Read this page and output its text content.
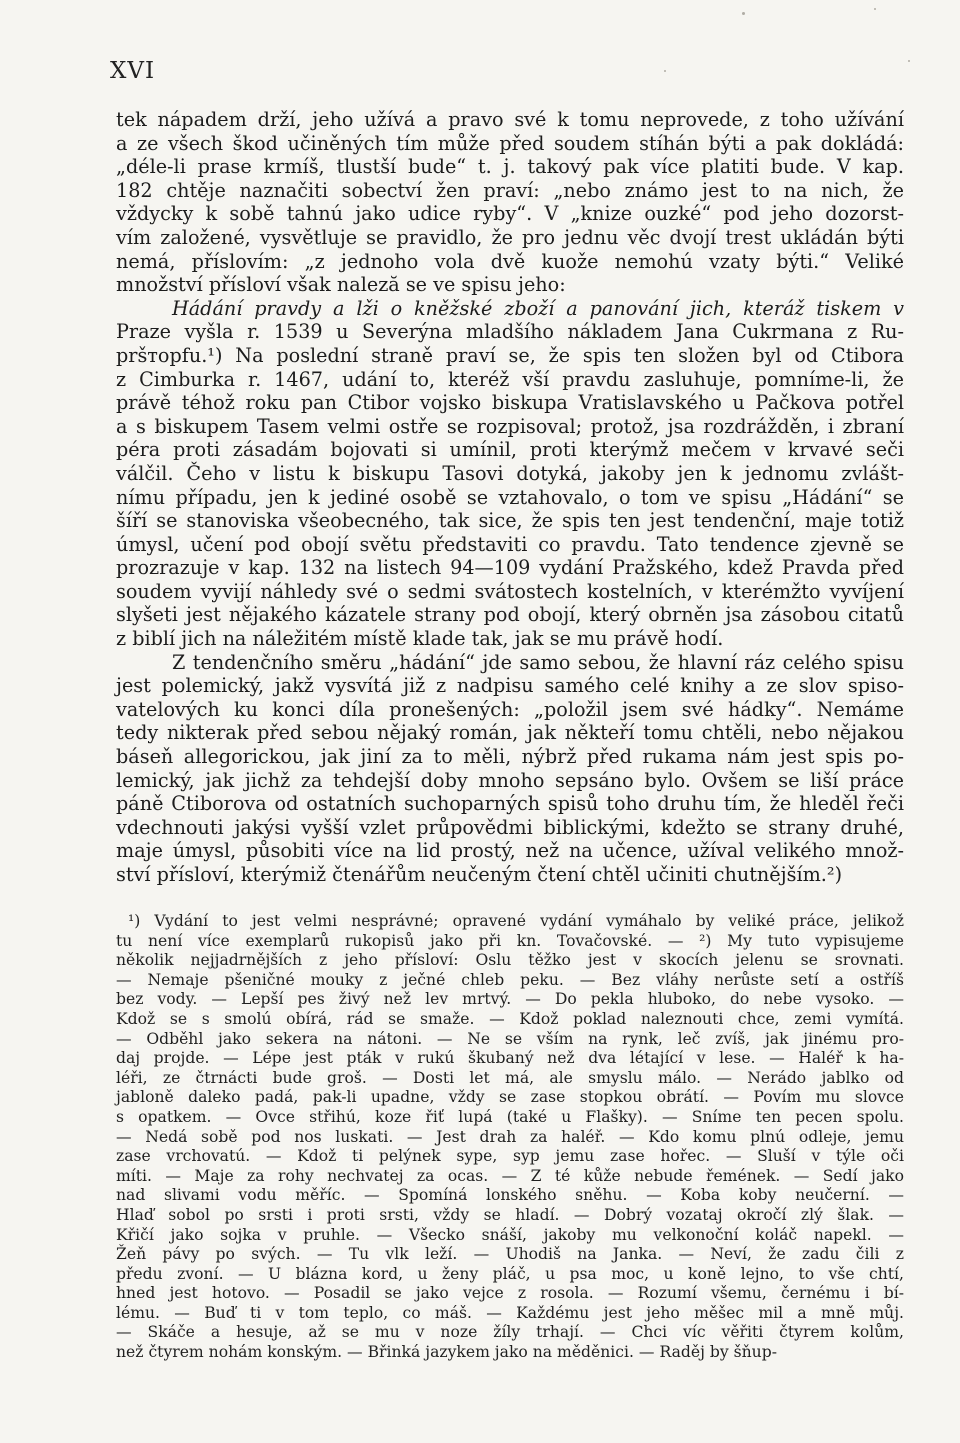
XVI
tek nápadem drží, jeho užívá a pravo své k tomu neprovede, z toho užívání
a ze všech škod učiněných tím může před soudem stíhán býti a pak dokládá:
„déle-li prase krmíš, tlustší bude“ t. j. takový pak více platiti bude. V kap.
182 chtěje naznačiti sobectví žen praví: „nebo známo jest to na nich, že
vždycky k sobě tahnú jako udice ryby“. V „knize ouzké“ pod jeho dozorst-
vím založené, vysvětluje se pravidlo, že pro jednu věc dvojí trest ukládán býti
nemá, příslovím: „z jednoho vola dvě kuože nemohú vzaty býti.“ Veliké
množství přísloví však naleză se ve spisu jeho:
Hádání pravdy a lži o kněžské zboží a panování jich, kteráž tiskem v
Praze vyšla r. 1539 u Severýna mladšího nákladem Jana Cukrmana z Ru-
pršторfu.¹) Na poslední straně praví se, že spis ten složen byl od Ctibora
z Cimburka r. 1467, udání to, kteréž vší pravdu zasluhuje, pomníme-li, že
právě téhož roku pan Ctibor vojsko biskupa Vratislavského u Pačkova potřel
a s biskupem Tasem velmi ostře se rozpisoval; protož, jsa rozdrážděn, i zbraní
péra proti zásadám bojovati si umínil, proti kterýmž mečem v krvavé seči
válčil. Čeho v listu k biskupu Tasovi dotyká, jakoby jen k jednomu zvlášt-
nímu případu, jen k jediné osobě se vztahovalo, o tom ve spisu „Hádání“ se
šíří se stanoviska všeobecného, tak sice, že spis ten jest tendenční, maje totiž
úmysl, učení pod obojí světu představiti co pravdu. Tato tendence zjevně se
prozrazuje v kap. 132 na listech 94—109 vydání Pražského, kdež Pravda před
soudem vyvijí náhledy své o sedmi svátostech kostelních, v kterémžto vyvíjení
slyšeti jest nějakého kázatele strany pod obojí, který obrněn jsa zásobou citatů
z biblí jich na náležitém místě klade tak, jak se mu právě hodí.
Z tendenčního směru „hádání“ jde samo sebou, že hlavní ráz celého spisu
jest polemický, jakž vysvítá již z nadpisu samého celé knihy a ze slov spiso-
vatelových ku konci díla pronešených: „položil jsem své hádky“. Nemáme
tedy nikterak před sebou nějaký román, jak někteří tomu chtěli, nebo nějakou
báseň allegorickou, jak jiní za to měli, nýbrž před rukama nám jest spis po-
lemický, jak jichž za tehdejší doby mnoho sepsáno bylo. Ovšem se liší práce
páně Ctiborova od ostatních suchoparných spisů toho druhu tím, že hleděl řeči
vdechnouti jakýsi vyšší vzlet průpovědmi biblickými, kdežto se strany druhé,
maje úmysl, působiti více na lid prostý, než na učence, užíval velikého množ-
ství přísloví, kterýmiž čtenářům neučeným čtení chtěl učiniti chutnějším.²)
¹) Vydání to jest velmi nesprávné; opravené vydání vymáhalo by veliké práce, jelikož
tu není více exemplarů rukopisů jako při kn. Tovačovské. — ²) My tuto vypisujeme
několik nejjadrnějších z jeho přísloví: Oslu těžko jest v skocích jelenu se srovnati.
— Nemaje pšeničné mouky z ječné chleb peku. — Bez vláhy nerůste setí a ostříš
bez vody. — Lepší pes živý než lev mrtvý. — Do pekla hluboko, do nebe vysoko. —
Kdož se s smolú obírá, rád se smaže. — Kdož poklad naleznouti chce, zemi vymítá.
— Odběhl jako sekera na nátoni. — Ne se vším na rynk, leč zvíš, jak jinému pro-
daj projde. — Lépe jest pták v rukú škubaný než dva létající v lese. — Haléř k ha-
léři, ze čtrnácti bude groš. — Dosti let má, ale smyslu málo. — Nerádo jablko od
jabloně daleko padá, pak-li upadne, vždy se zase stopkou obrátí. — Povím mu slovce
s opatkem. — Ovce střihú, koze řiť lupá (také u Flašky). — Sníme ten pecen spolu.
— Nedá sobě pod nos luskati. — Jest drah za haléř. — Kdo komu plnú odleje, jemu
zase vrchovatú. — Kdož ti pelýnek sype, syp jemu zase hořec. — Sluší v týle oči
míti. — Maje za rohy nechvatej za ocas. — Z té kůže nebude řemének. — Sedí jako
nad slivami vodu měříc. — Spomíná lonského sněhu. — Koba koby neučerní. —
Hlaď sobol po srsti i proti srsti, vždy se hladí. — Dobrý vozataj okročí zlý šlak. —
Křičí jako sojka v pruhle. — Všecko snáší, jakoby mu velkonoční koláč napekl. —
Žeň pávy po svých. — Tu vlk leží. — Uhodiš na Janka. — Neví, že zadu čili z
předu zvoní. — U blázna kord, u ženy pláč, u psa moc, u koně lejno, to vše chtí,
hned jest hotovo. — Posadil se jako vejce z rosola. — Rozumí všemu, černému i bí-
lému. — Buď ti v tom teplo, co máš. — Každému jest jeho měšec mil a mně můj.
— Skáče a hesuje, až se mu v noze žíly trhají. — Chci víc věřiti čtyrem kolům,
než čtyrem nohám konským. — Břinká jazykem jako na měděnici. — Raděj by šňup-
